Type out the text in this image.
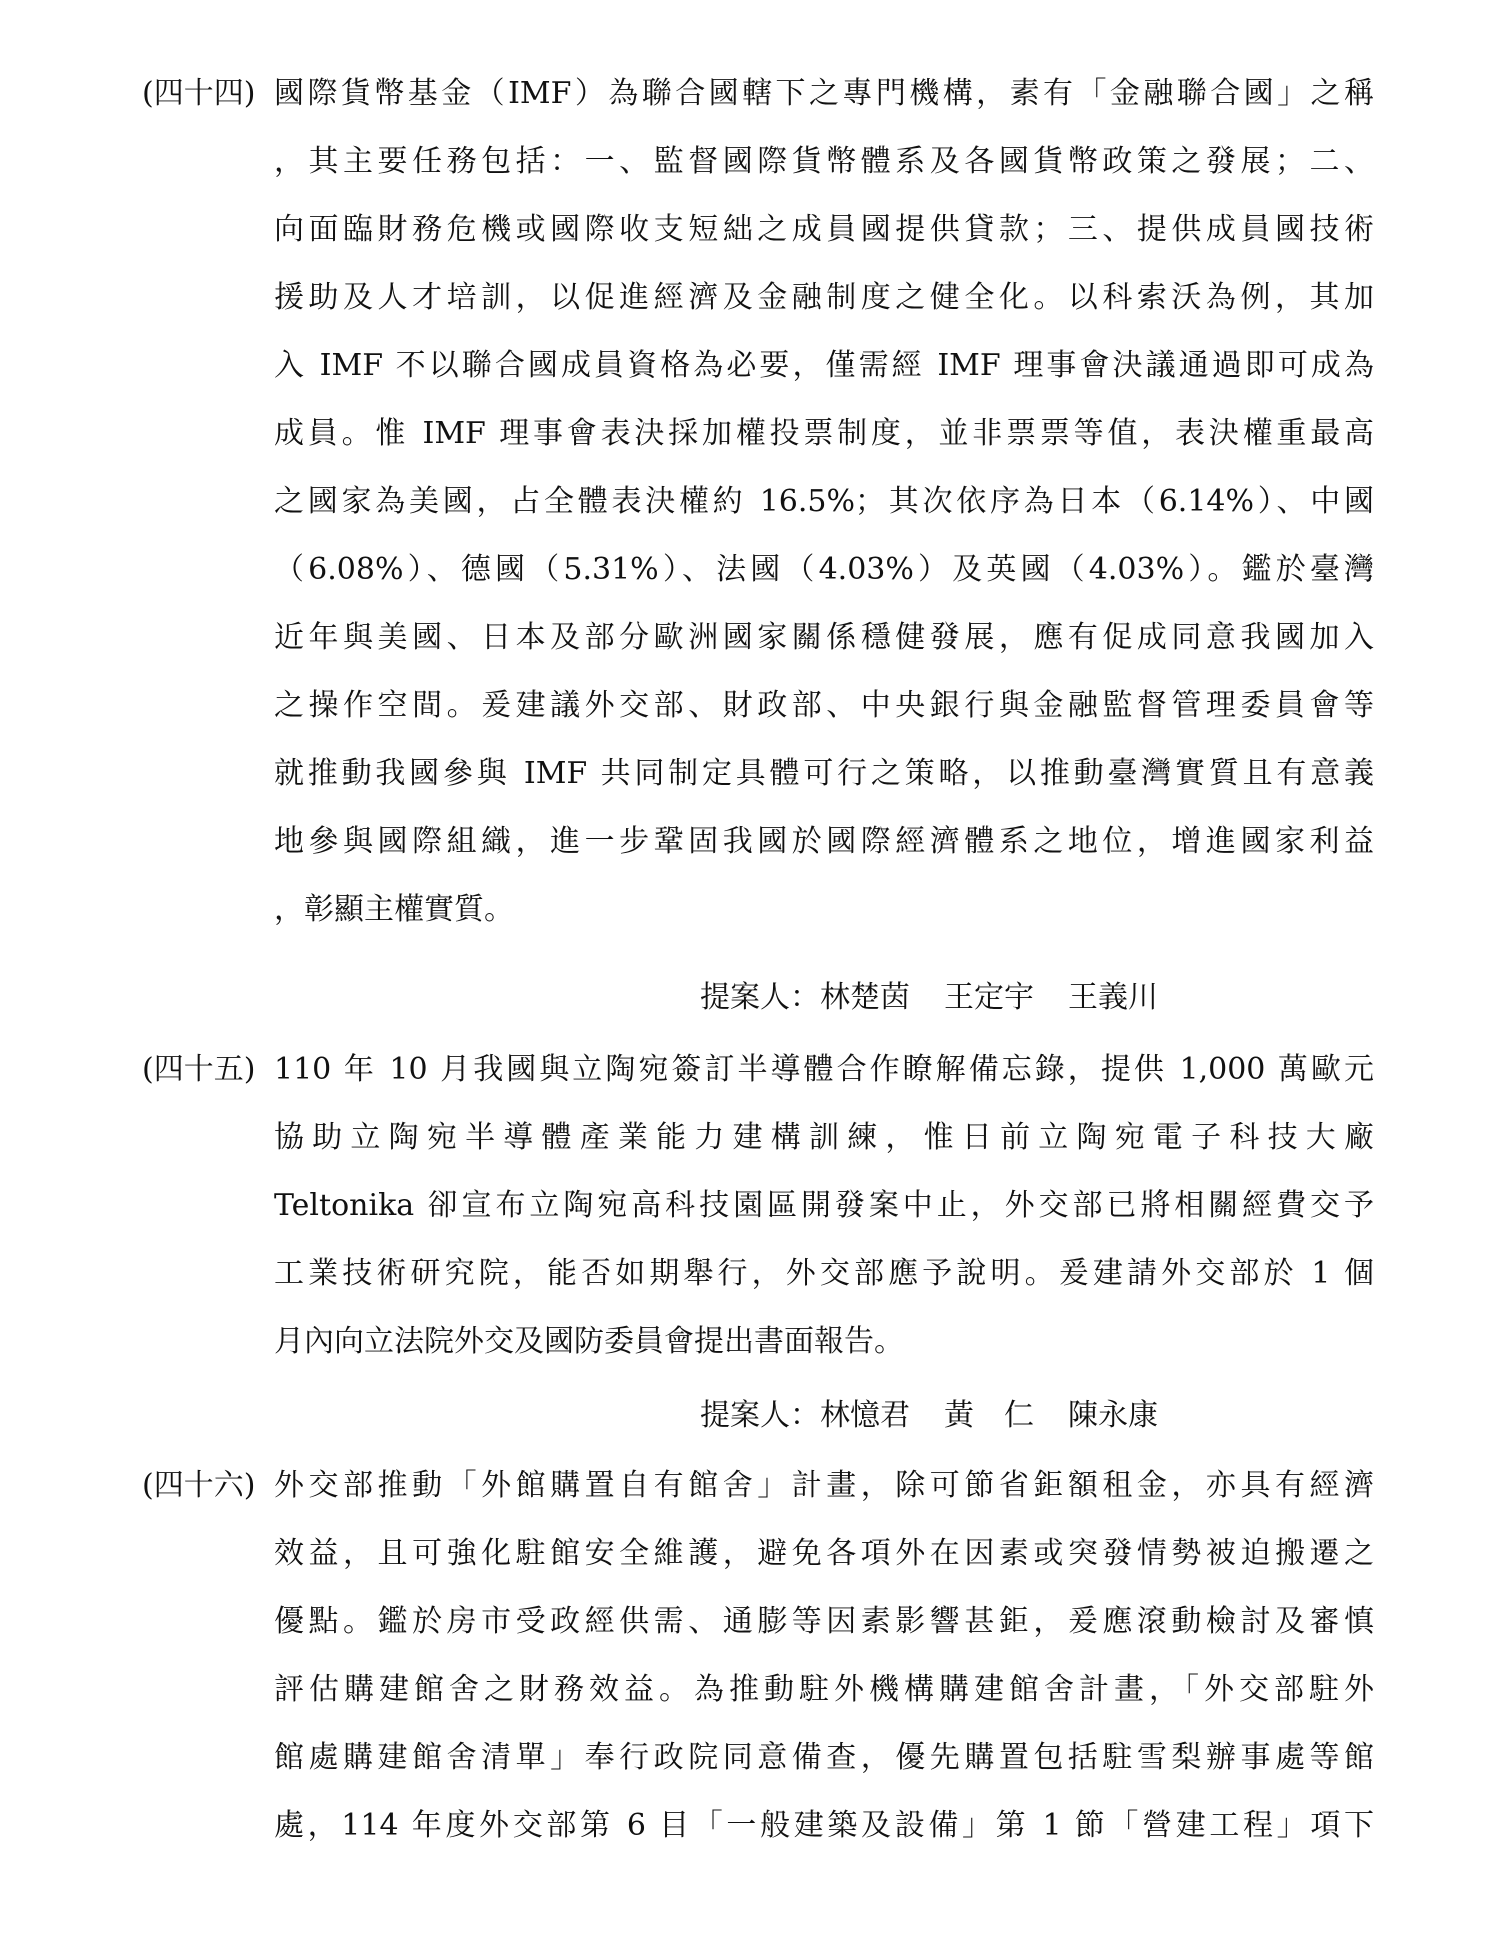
(四十四) 國際貨幣基金（IMF）為聯合國轄下之專門機構，素有「金融聯合國」之稱
，其主要任務包括：一、監督國際貨幣體系及各國貨幣政策之發展；二、
向面臨財務危機或國際收支短絀之成員國提供貸款；三、提供成員國技術
援助及人才培訓，以促進經濟及金融制度之健全化。以科索沃為例，其加
入 IMF 不以聯合國成員資格為必要，僅需經 IMF 理事會決議通過即可成為
成員。惟 IMF 理事會表決採加權投票制度，並非票票等值，表決權重最高
之國家為美國，占全體表決權約 16.5%；其次依序為日本（6.14%）、中國
（6.08%）、德國（5.31%）、法國（4.03%）及英國（4.03%）。鑑於臺灣
近年與美國、日本及部分歐洲國家關係穩健發展，應有促成同意我國加入
之操作空間。爰建議外交部、財政部、中央銀行與金融監督管理委員會等
就推動我國參與 IMF 共同制定具體可行之策略，以推動臺灣實質且有意義
地參與國際組織，進一步鞏固我國於國際經濟體系之地位，增進國家利益
，彰顯主權實質。
提案人：林楚茵 王定宇 王義川
(四十五) 110 年 10 月我國與立陶宛簽訂半導體合作瞭解備忘錄，提供 1,000 萬歐元
協助立陶宛半導體產業能力建構訓練，惟日前立陶宛電子科技大廠
Teltonika 卻宣布立陶宛高科技園區開發案中止，外交部已將相關經費交予
工業技術研究院，能否如期舉行，外交部應予說明。爰建請外交部於 1 個
月內向立法院外交及國防委員會提出書面報告。
提案人：林憶君 黃　仁 陳永康
(四十六) 外交部推動「外館購置自有館舍」計畫，除可節省鉅額租金，亦具有經濟
效益，且可強化駐館安全維護，避免各項外在因素或突發情勢被迫搬遷之
優點。鑑於房市受政經供需、通膨等因素影響甚鉅，爰應滾動檢討及審慎
評估購建館舍之財務效益。為推動駐外機構購建館舍計畫，「外交部駐外
館處購建館舍清單」奉行政院同意備查，優先購置包括駐雪梨辦事處等館
處，114 年度外交部第 6 目「一般建築及設備」第 1 節「營建工程」項下
